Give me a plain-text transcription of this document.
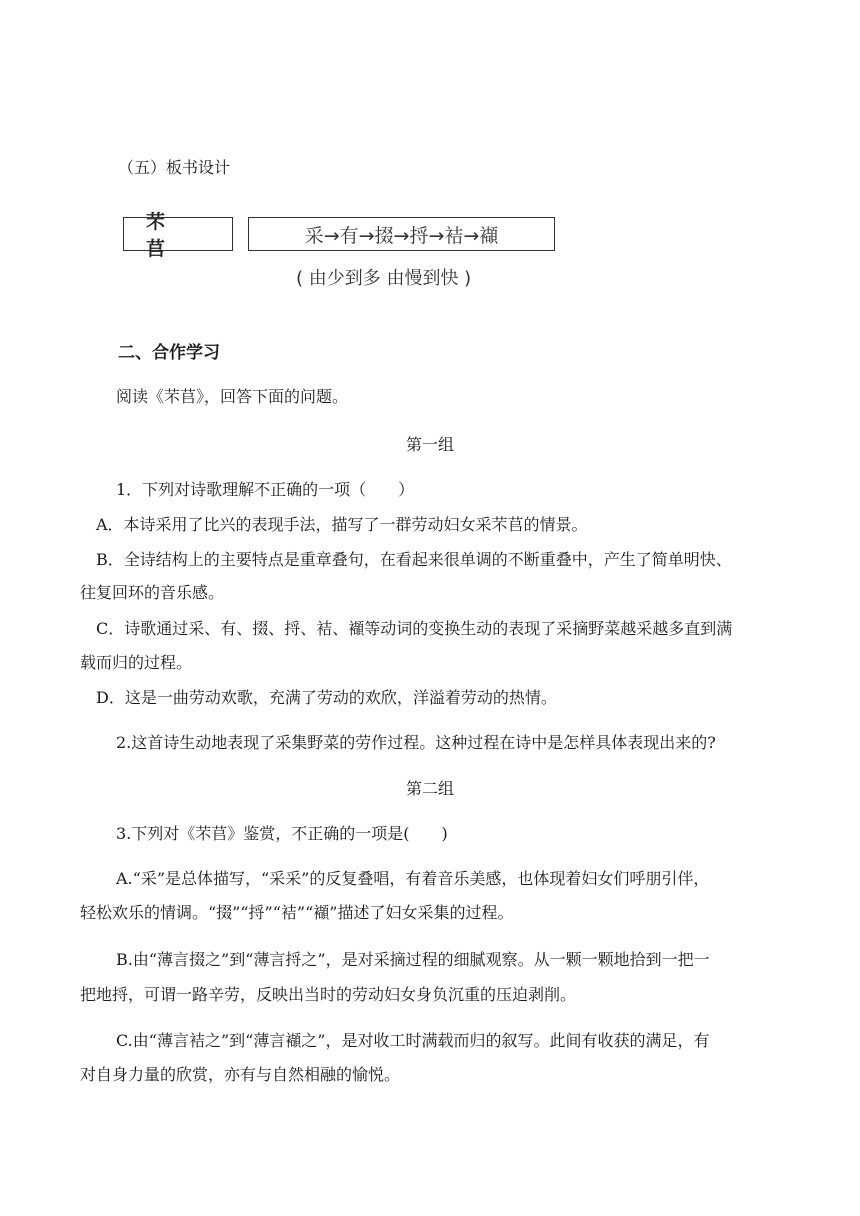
（五）板书设计
芣 苢
采→有→掇→捋→袺→襭
( 由少到多 由慢到快 )
二、合作学习
阅读《芣苢》，回答下面的问题。
第一组
1．下列对诗歌理解不正确的一项（　　）
A．本诗采用了比兴的表现手法，描写了一群劳动妇女采芣苢的情景。
B．全诗结构上的主要特点是重章叠句，在看起来很单调的不断重叠中，产生了简单明快、
往复回环的音乐感。
C．诗歌通过采、有、掇、捋、袺、襭等动词的变换生动的表现了采摘野菜越采越多直到满
载而归的过程。
D．这是一曲劳动欢歌，充满了劳动的欢欣，洋溢着劳动的热情。
2.这首诗生动地表现了采集野菜的劳作过程。这种过程在诗中是怎样具体表现出来的?
第二组
3.下列对《芣苢》鉴赏，不正确的一项是(　　)
A.“采”是总体描写，“采采”的反复叠唱，有着音乐美感，也体现着妇女们呼朋引伴，
轻松欢乐的情调。“掇”“捋”“袺”“襭”描述了妇女采集的过程。
B.由“薄言掇之”到“薄言捋之”，是对采摘过程的细腻观察。从一颗一颗地拾到一把一
把地捋，可谓一路辛劳，反映出当时的劳动妇女身负沉重的压迫剥削。
C.由“薄言袺之”到“薄言襭之”，是对收工时满载而归的叙写。此间有收获的满足，有
对自身力量的欣赏，亦有与自然相融的愉悦。
